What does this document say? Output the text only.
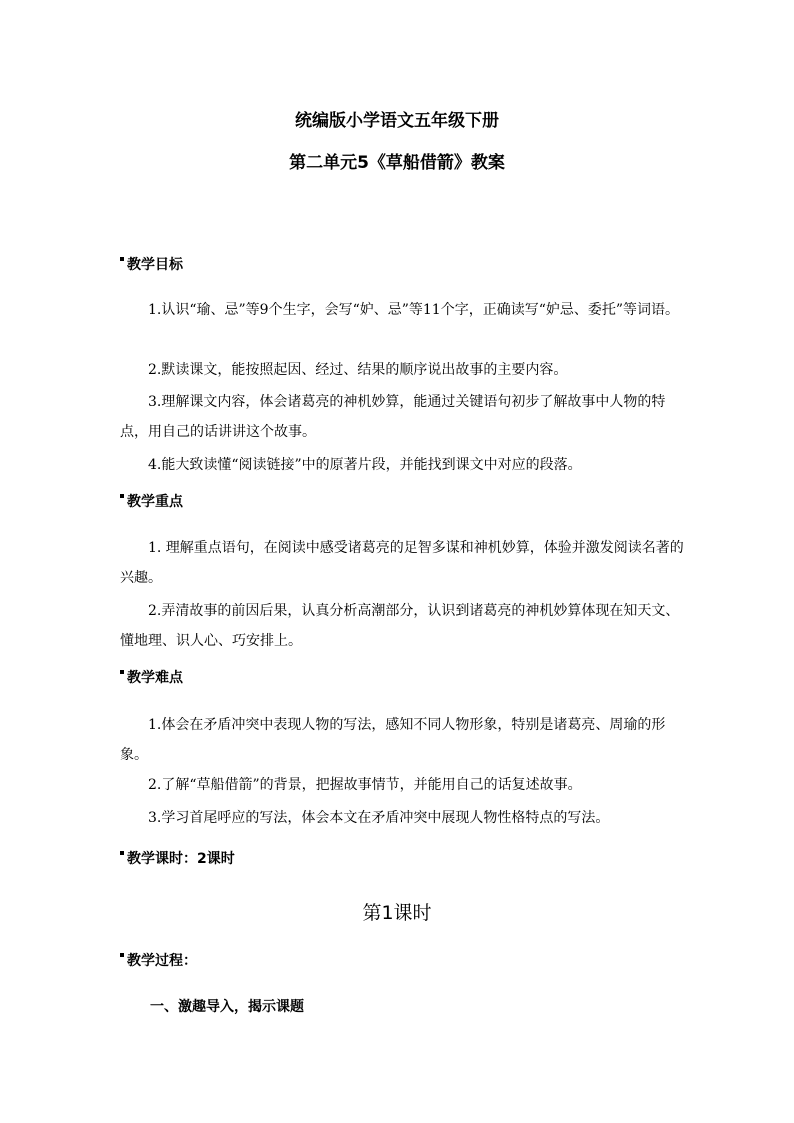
统编版小学语文五年级下册
第二单元5《草船借箭》教案
教学目标
1.认识“瑜、忌”等9个生字，会写“妒、忌”等11个字，正确读写“妒忌、委托”等词语。
2.默读课文，能按照起因、经过、结果的顺序说出故事的主要内容。
3.理解课文内容，体会诸葛亮的神机妙算，能通过关键语句初步了解故事中人物的特点，用自己的话讲讲这个故事。
4.能大致读懂“阅读链接”中的原著片段，并能找到课文中对应的段落。
教学重点
1. 理解重点语句，在阅读中感受诸葛亮的足智多谋和神机妙算，体验并激发阅读名著的兴趣。
2.弄清故事的前因后果，认真分析高潮部分，认识到诸葛亮的神机妙算体现在知天文、懂地理、识人心、巧安排上。
教学难点
1.体会在矛盾冲突中表现人物的写法，感知不同人物形象，特别是诸葛亮、周瑜的形象。
2.了解“草船借箭”的背景，把握故事情节，并能用自己的话复述故事。
3.学习首尾呼应的写法，体会本文在矛盾冲突中展现人物性格特点的写法。
教学课时：2课时
第1课时
教学过程：
一、激趣导入，揭示课题
